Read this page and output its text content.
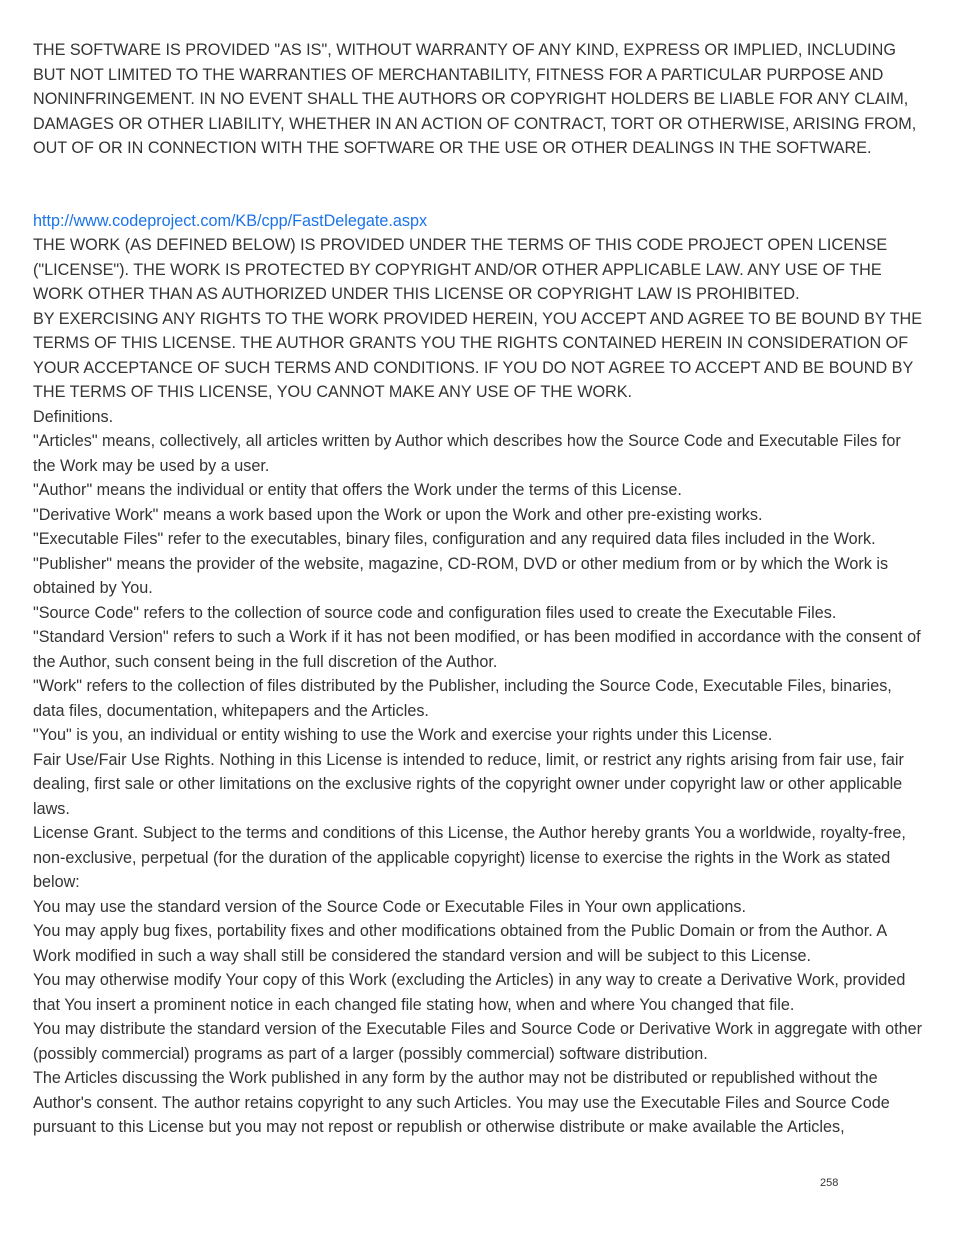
THE SOFTWARE IS PROVIDED "AS IS", WITHOUT WARRANTY OF ANY KIND, EXPRESS OR IMPLIED, INCLUDING BUT NOT LIMITED TO THE WARRANTIES OF MERCHANTABILITY, FITNESS FOR A PARTICULAR PURPOSE AND NONINFRINGEMENT. IN NO EVENT SHALL THE AUTHORS OR COPYRIGHT HOLDERS BE LIABLE FOR ANY CLAIM, DAMAGES OR OTHER LIABILITY, WHETHER IN AN ACTION OF CONTRACT, TORT OR OTHERWISE, ARISING FROM, OUT OF OR IN CONNECTION WITH THE SOFTWARE OR THE USE OR OTHER DEALINGS IN THE SOFTWARE.

http://www.codeproject.com/KB/cpp/FastDelegate.aspx

THE WORK (AS DEFINED BELOW) IS PROVIDED UNDER THE TERMS OF THIS CODE PROJECT OPEN LICENSE ("LICENSE"). THE WORK IS PROTECTED BY COPYRIGHT AND/OR OTHER APPLICABLE LAW. ANY USE OF THE WORK OTHER THAN AS AUTHORIZED UNDER THIS LICENSE OR COPYRIGHT LAW IS PROHIBITED.

BY EXERCISING ANY RIGHTS TO THE WORK PROVIDED HEREIN, YOU ACCEPT AND AGREE TO BE BOUND BY THE TERMS OF THIS LICENSE. THE AUTHOR GRANTS YOU THE RIGHTS CONTAINED HEREIN IN CONSIDERATION OF YOUR ACCEPTANCE OF SUCH TERMS AND CONDITIONS. IF YOU DO NOT AGREE TO ACCEPT AND BE BOUND BY THE TERMS OF THIS LICENSE, YOU CANNOT MAKE ANY USE OF THE WORK.

Definitions.

"Articles" means, collectively, all articles written by Author which describes how the Source Code and Executable Files for the Work may be used by a user.

"Author" means the individual or entity that offers the Work under the terms of this License.

"Derivative Work" means a work based upon the Work or upon the Work and other pre-existing works.

"Executable Files" refer to the executables, binary files, configuration and any required data files included in the Work.

"Publisher" means the provider of the website, magazine, CD-ROM, DVD or other medium from or by which the Work is obtained by You.

"Source Code" refers to the collection of source code and configuration files used to create the Executable Files.

"Standard Version" refers to such a Work if it has not been modified, or has been modified in accordance with the consent of the Author, such consent being in the full discretion of the Author.

"Work" refers to the collection of files distributed by the Publisher, including the Source Code, Executable Files, binaries, data files, documentation, whitepapers and the Articles.

"You" is you, an individual or entity wishing to use the Work and exercise your rights under this License.

Fair Use/Fair Use Rights. Nothing in this License is intended to reduce, limit, or restrict any rights arising from fair use, fair dealing, first sale or other limitations on the exclusive rights of the copyright owner under copyright law or other applicable laws.

License Grant. Subject to the terms and conditions of this License, the Author hereby grants You a worldwide, royalty-free, non-exclusive, perpetual (for the duration of the applicable copyright) license to exercise the rights in the Work as stated below:

You may use the standard version of the Source Code or Executable Files in Your own applications.

You may apply bug fixes, portability fixes and other modifications obtained from the Public Domain or from the Author. A Work modified in such a way shall still be considered the standard version and will be subject to this License.

You may otherwise modify Your copy of this Work (excluding the Articles) in any way to create a Derivative Work, provided that You insert a prominent notice in each changed file stating how, when and where You changed that file.

You may distribute the standard version of the Executable Files and Source Code or Derivative Work in aggregate with other (possibly commercial) programs as part of a larger (possibly commercial) software distribution.

The Articles discussing the Work published in any form by the author may not be distributed or republished without the Author's consent. The author retains copyright to any such Articles. You may use the Executable Files and Source Code pursuant to this License but you may not repost or republish or otherwise distribute or make available the Articles,

258
